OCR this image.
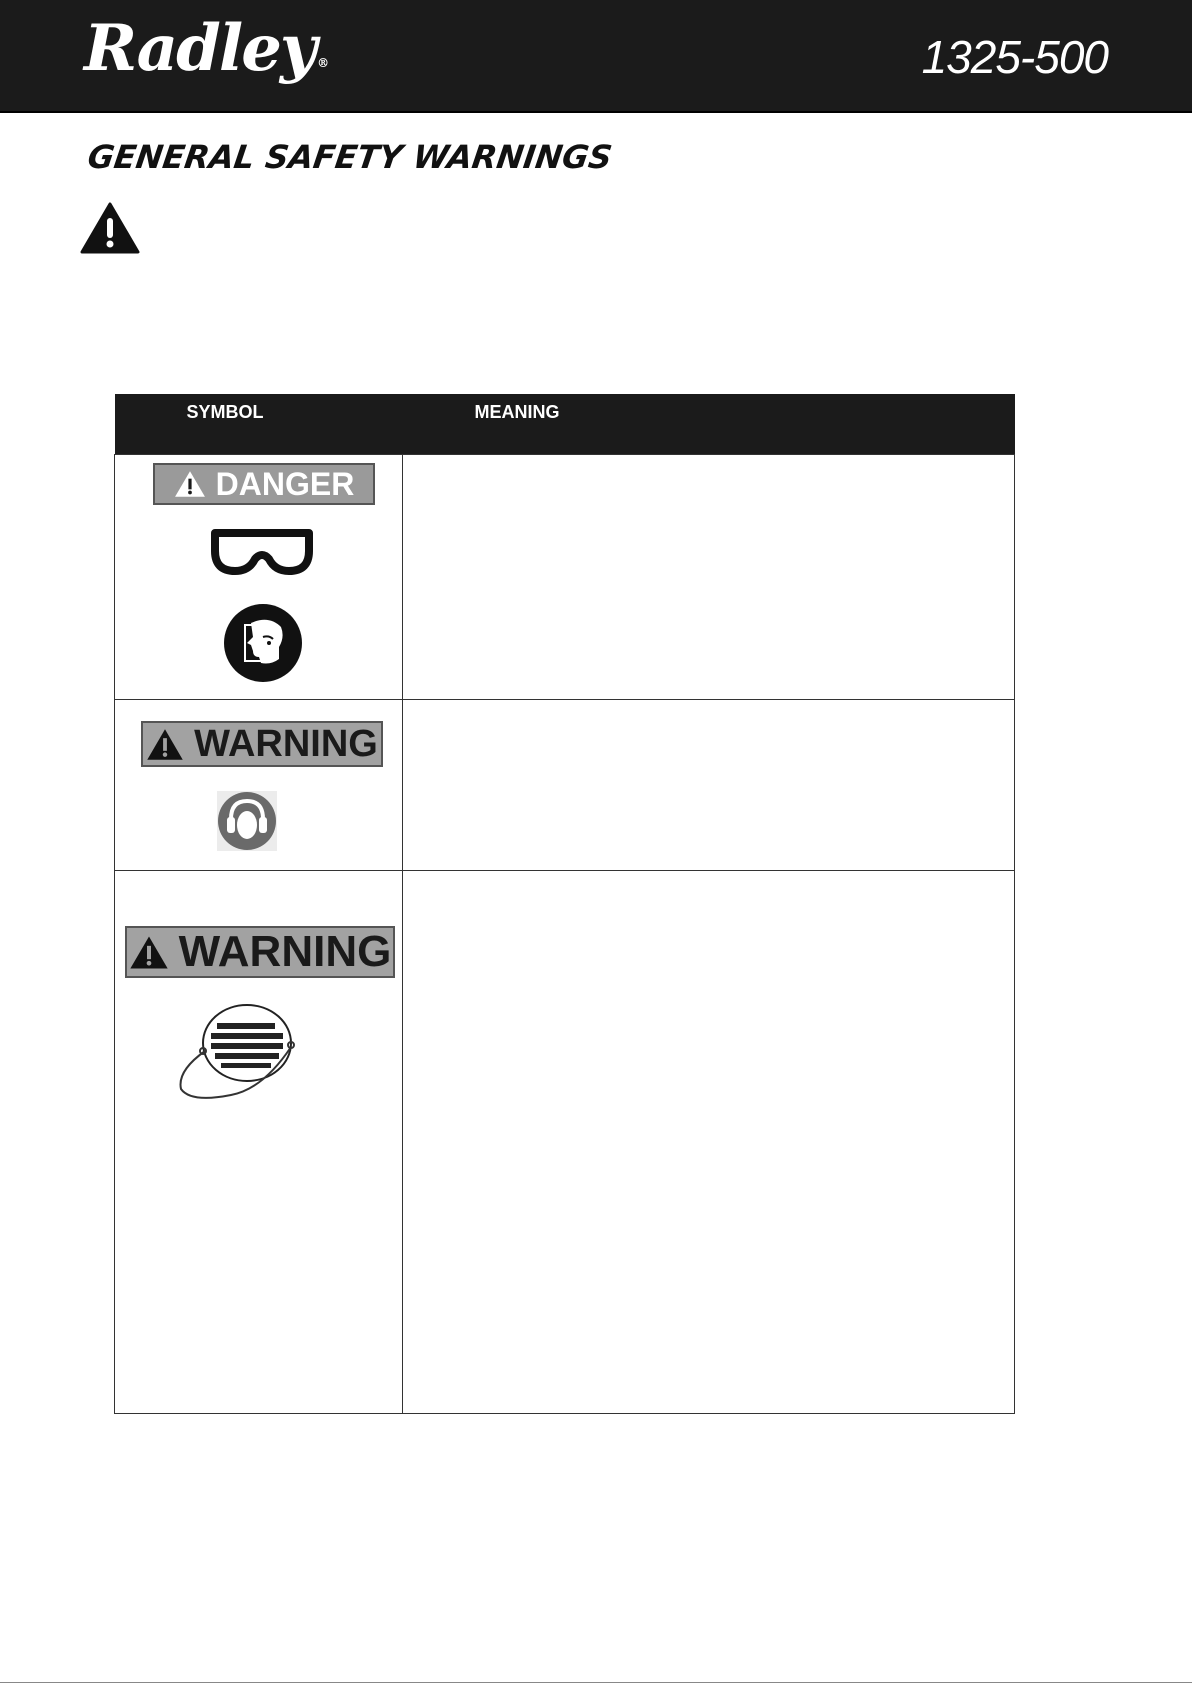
Radley ®	1325-500
GENERAL SAFETY WARNINGS
SYMBOL	MEANING

DANGER	

WARNING	

WARNING	
